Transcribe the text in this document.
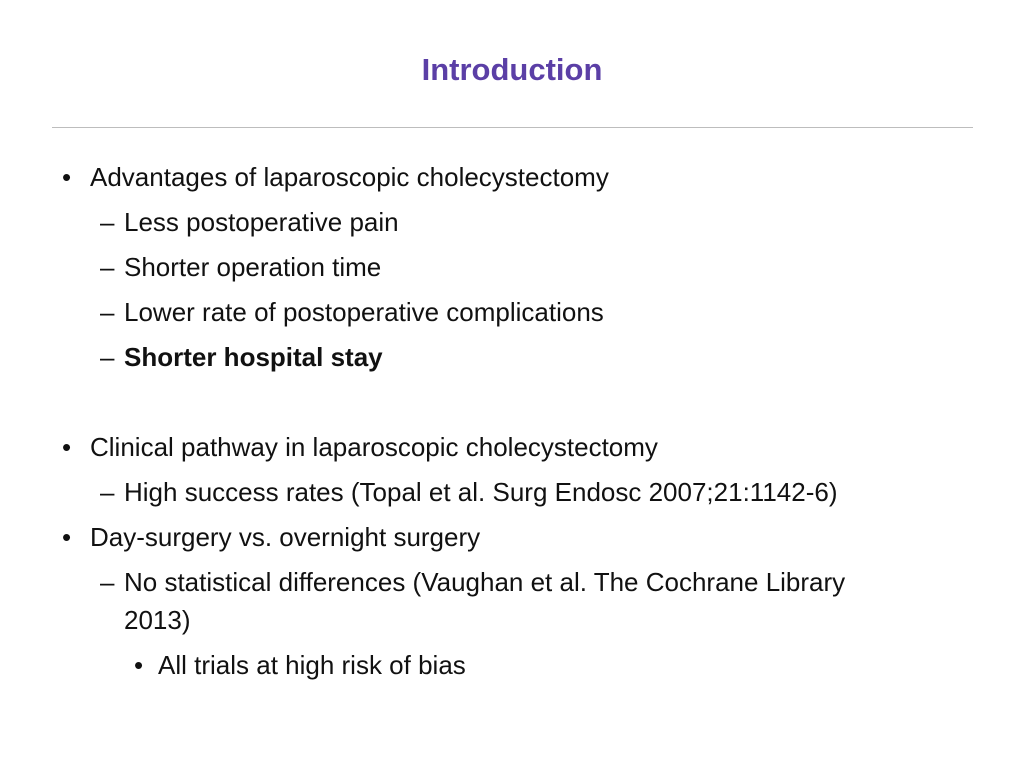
Introduction
• Advantages of laparoscopic cholecystectomy
– Less postoperative pain
– Shorter operation time
– Lower rate of postoperative complications
– Shorter hospital stay
• Clinical pathway in laparoscopic cholecystectomy
– High success rates (Topal et al. Surg Endosc 2007;21:1142-6)
• Day-surgery vs. overnight surgery
– No statistical differences (Vaughan et al. The Cochrane Library
2013)
• All trials at high risk of bias
